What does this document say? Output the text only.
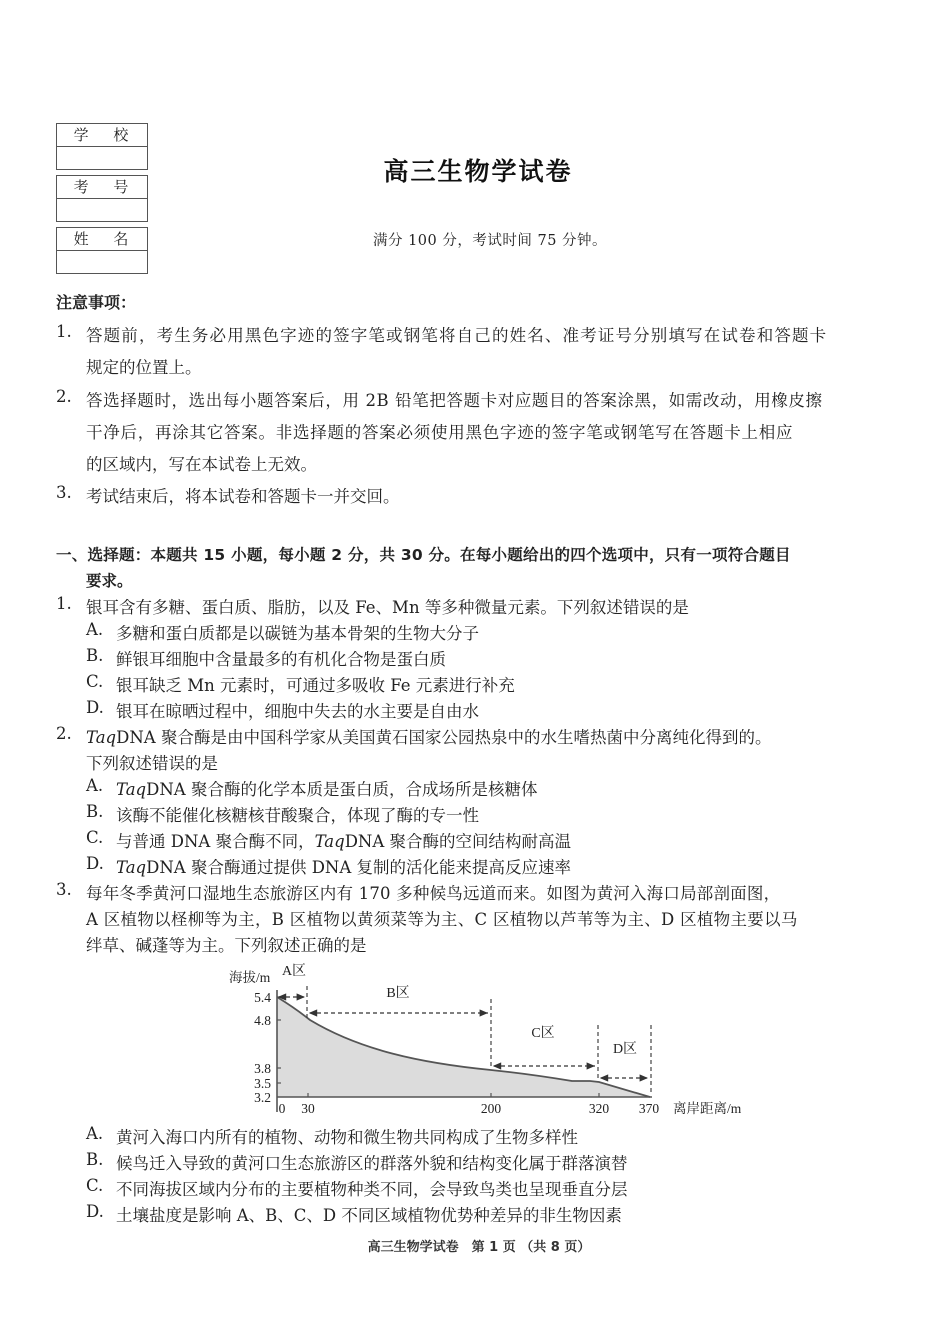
学 校
考 号
姓 名
高三生物学试卷
满分 100 分，考试时间 75 分钟。
注意事项：
1. 答题前，考生务必用黑色字迹的签字笔或钢笔将自己的姓名、准考证号分别填写在试卷和答题卡
规定的位置上。
2. 答选择题时，选出每小题答案后，用 2B 铅笔把答题卡对应题目的答案涂黑，如需改动，用橡皮擦
干净后，再涂其它答案。非选择题的答案必须使用黑色字迹的签字笔或钢笔写在答题卡上相应
的区域内，写在本试卷上无效。
3. 考试结束后，将本试卷和答题卡一并交回。
一、选择题：本题共 15 小题，每小题 2 分，共 30 分。在每小题给出的四个选项中，只有一项符合题目
要求。
1. 银耳含有多糖、蛋白质、脂肪，以及 Fe、Mn 等多种微量元素。下列叙述错误的是
A. 多糖和蛋白质都是以碳链为基本骨架的生物大分子
B. 鲜银耳细胞中含量最多的有机化合物是蛋白质
C. 银耳缺乏 Mn 元素时，可通过多吸收 Fe 元素进行补充
D. 银耳在晾晒过程中，细胞中失去的水主要是自由水
2. TaqDNA 聚合酶是由中国科学家从美国黄石国家公园热泉中的水生嗜热菌中分离纯化得到的。
下列叙述错误的是
A. TaqDNA 聚合酶的化学本质是蛋白质，合成场所是核糖体
B. 该酶不能催化核糖核苷酸聚合，体现了酶的专一性
C. 与普通 DNA 聚合酶不同，TaqDNA 聚合酶的空间结构耐高温
D. TaqDNA 聚合酶通过提供 DNA 复制的活化能来提高反应速率
3. 每年冬季黄河口湿地生态旅游区内有 170 多种候鸟远道而来。如图为黄河入海口局部剖面图，
A 区植物以柽柳等为主，B 区植物以黄须菜等为主、C 区植物以芦苇等为主、D 区植物主要以马
绊草、碱蓬等为主。下列叙述正确的是
5.4
4.8
3.8
3.5
3.2
0 30	200	320 370
海拔/m
离岸距离/m
A区
B区
C区
D区
A. 黄河入海口内所有的植物、动物和微生物共同构成了生物多样性
B. 候鸟迁入导致的黄河口生态旅游区的群落外貌和结构变化属于群落演替
C. 不同海拔区域内分布的主要植物种类不同，会导致鸟类也呈现垂直分层
D. 土壤盐度是影响 A、B、C、D 不同区域植物优势种差异的非生物因素
高三生物学试卷　第 1 页 （共 8 页）
